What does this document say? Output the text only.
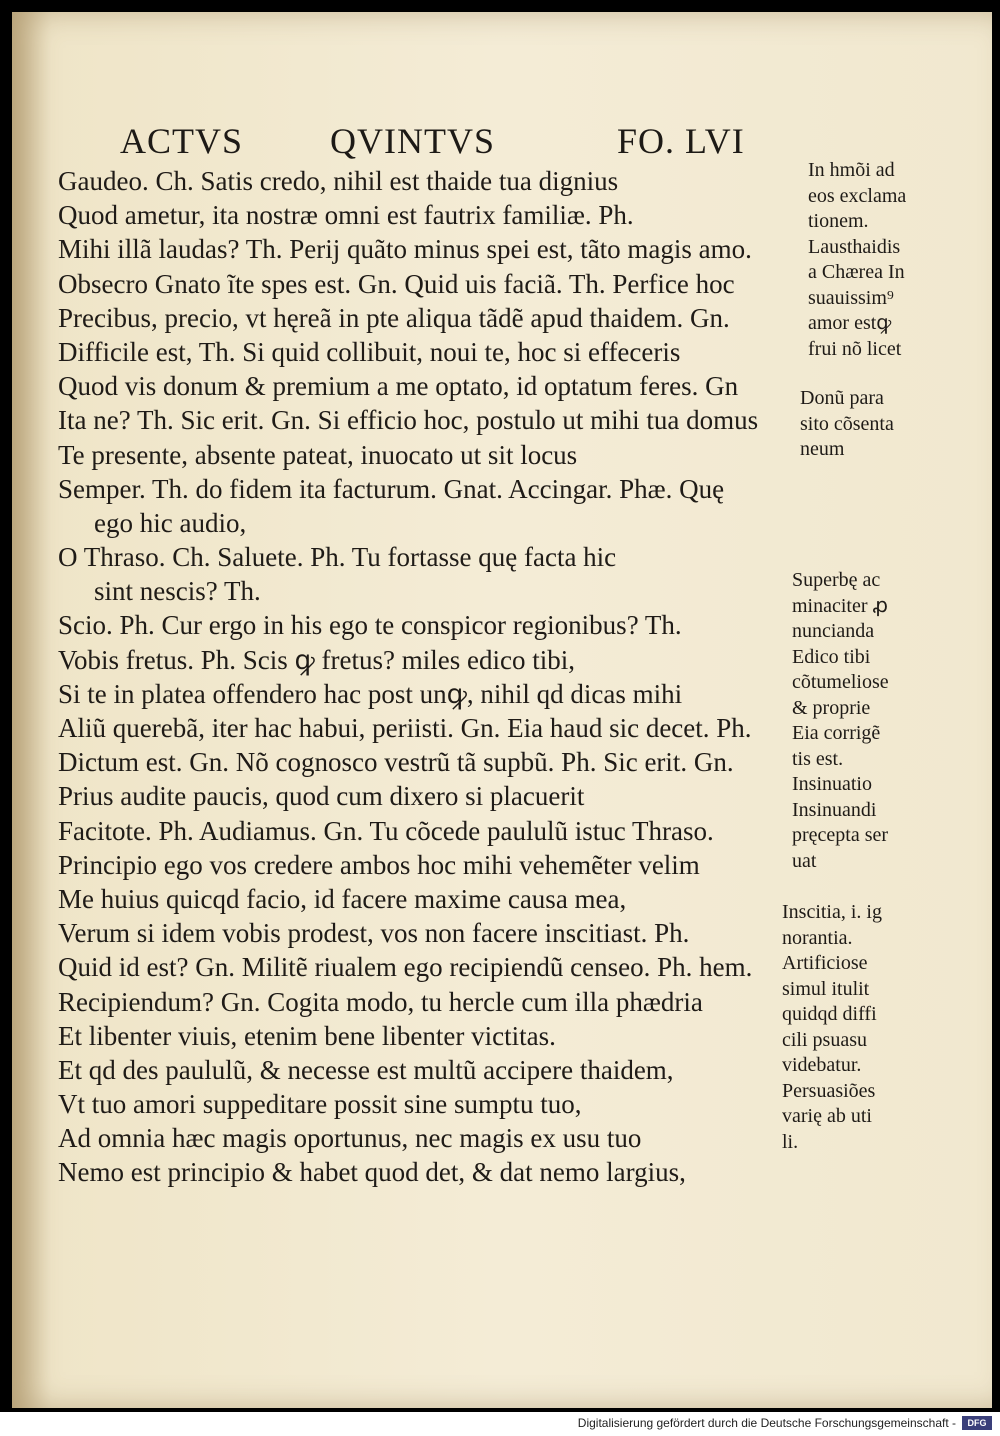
ACTVS QVINTVS	FO. LVI
Gaudeo. Ch. Satis credo, nihil est thaide tua dignius
Quod ametur, ita nostræ omni est fautrix familiæ. Ph.
Mihi illã laudas? Th. Perij quãto minus spei est, tãto magis amo.
Obsecro Gnato ĩte spes est. Gn. Quid uis faciã. Th. Perfice hoc
Precibus, precio, vt hęreã in pte aliqua tãdẽ apud thaidem. Gn.
Difficile est, Th. Si quid collibuit, noui te, hoc si effeceris
Quod vis donum & premium a me optato, id optatum feres. Gn
Ita ne? Th. Sic erit. Gn. Si efficio hoc, postulo ut mihi tua domus
Te presente, absente pateat, inuocato ut sit locus
Semper. Th. do fidem ita facturum. Gnat. Accingar. Phæ. Quę
ego hic audio,
O Thraso. Ch. Saluete. Ph. Tu fortasse quę facta hic
sint nescis? Th.
Scio. Ph. Cur ergo in his ego te conspicor regionibus? Th.
Vobis fretus. Ph. Scis ꝙ fretus? miles edico tibi,
Si te in platea offendero hac post unꝙ, nihil qd dicas mihi
Aliũ querebã, iter hac habui, periisti. Gn. Eia haud sic decet. Ph.
Dictum est. Gn. Nõ cognosco vestrũ tã supbũ. Ph. Sic erit. Gn.
Prius audite paucis, quod cum dixero si placuerit
Facitote. Ph. Audiamus. Gn. Tu cõcede paululũ istuc Thraso.
Principio ego vos credere ambos hoc mihi vehemẽter velim
Me huius quicqd facio, id facere maxime causa mea,
Verum si idem vobis prodest, vos non facere inscitiast. Ph.
Quid id est? Gn. Militẽ riualem ego recipiendũ censeo. Ph. hem.
Recipiendum? Gn. Cogita modo, tu hercle cum illa phædria
Et libenter viuis, etenim bene libenter victitas.
Et qd des paululũ, & necesse est multũ accipere thaidem,
Vt tuo amori suppeditare possit sine sumptu tuo,
Ad omnia hæc magis oportunus, nec magis ex usu tuo
Nemo est principio & habet quod det, & dat nemo largius,
In hmõi ad
eos exclama
tionem.
Lausthaidis
a Chærea In
suauissim⁹
amor estꝙ
frui nõ licet
Donũ para
sito cõsenta
neum
Superbę ac
minaciter ꝓ
nuncianda
Edico tibi
cõtumeliose
& proprie
Eia corrigẽ
tis est.
Insinuatio
Insinuandi
pręcepta ser
uat
Inscitia, i. ig
norantia.
Artificiose
simul itulit
quidqd diffi
cili psuasu
videbatur.
Persuasiões
varię ab uti
li.
Digitalisierung gefördert durch die Deutsche Forschungsgemeinschaft -	DFG
